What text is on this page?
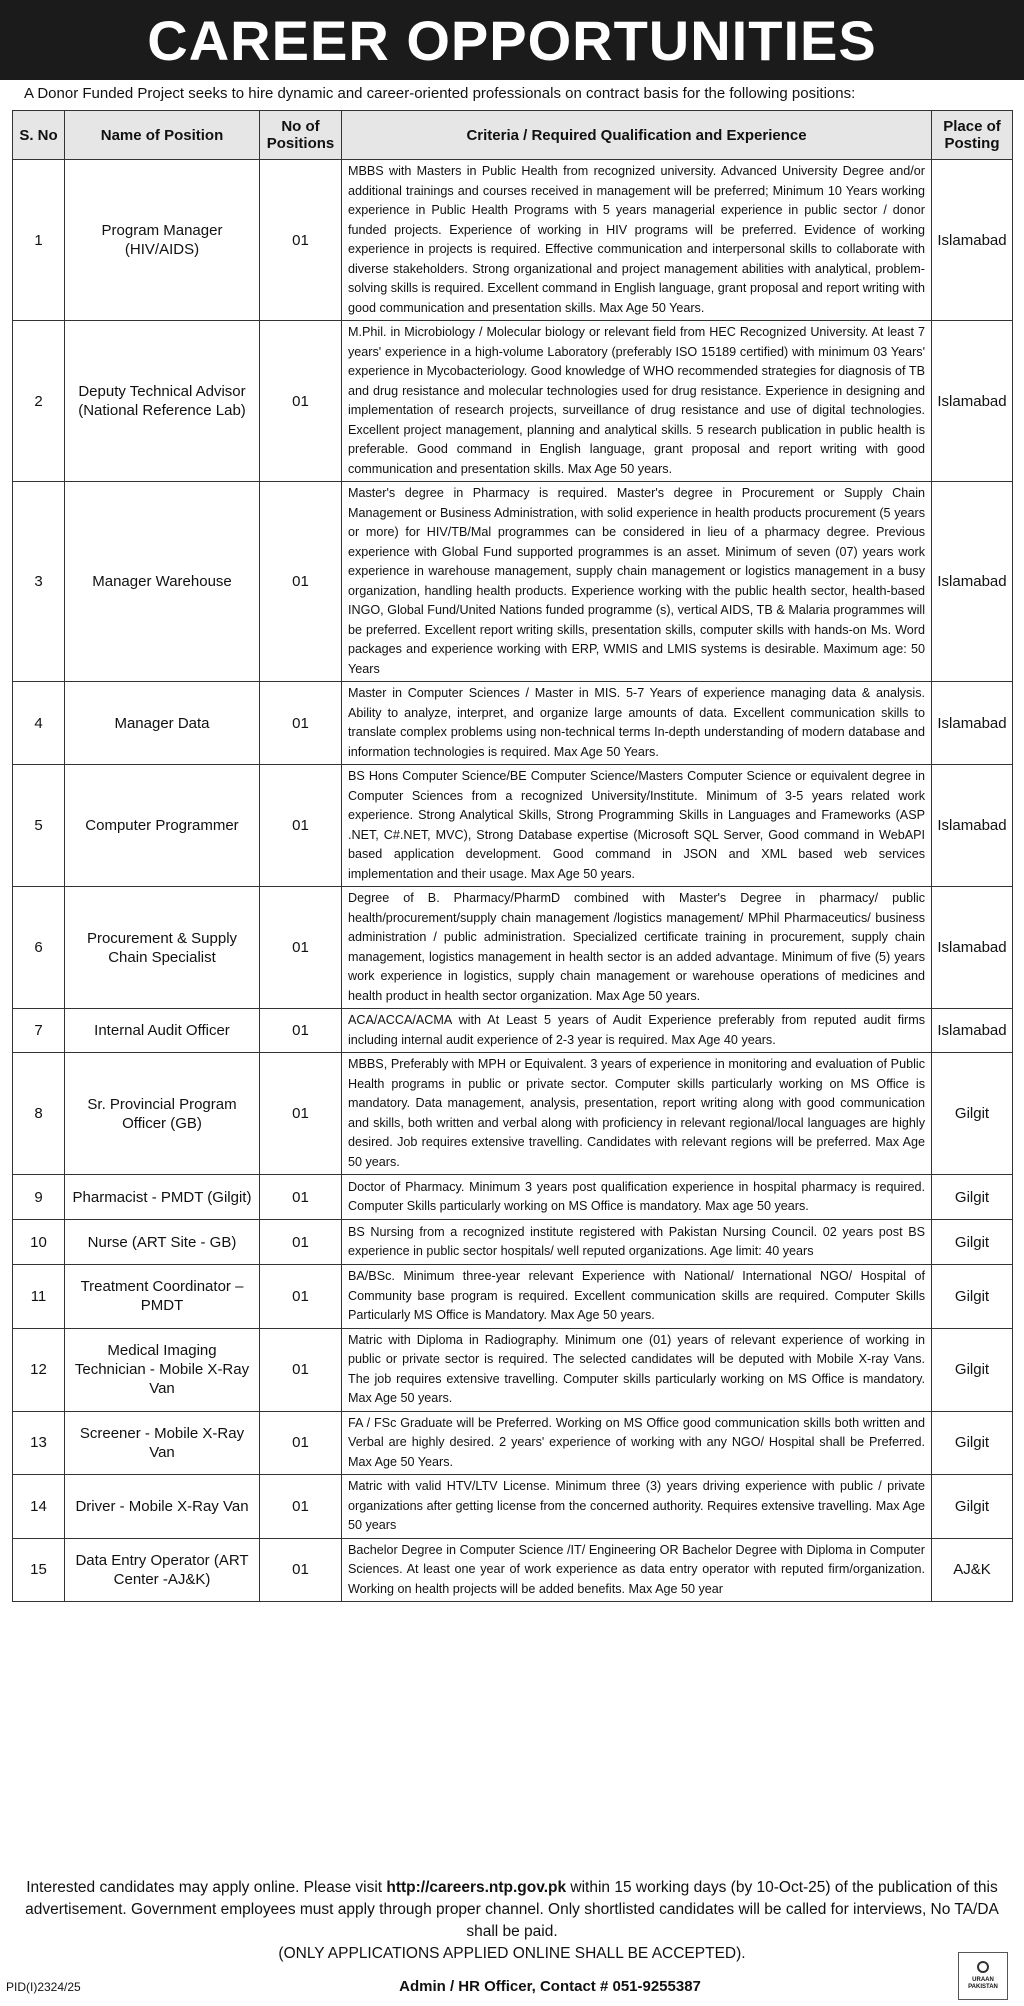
CAREER OPPORTUNITIES
A Donor Funded Project seeks to hire dynamic and career-oriented professionals on contract basis for the following positions:
S. No	Name of Position	No of Positions	Criteria / Required Qualification and Experience	Place of Posting
1	Program Manager (HIV/AIDS)	01	MBBS with Masters in Public Health from recognized university. Advanced University Degree and/or additional trainings and courses received in management will be preferred; Minimum 10 Years working experience in Public Health Programs with 5 years managerial experience in public sector / donor funded projects. Experience of working in HIV programs will be preferred. Evidence of working experience in projects is required. Effective communication and interpersonal skills to collaborate with diverse stakeholders. Strong organizational and project management abilities with analytical, problem-solving skills is required. Excellent command in English language, grant proposal and report writing with good communication and presentation skills. Max Age 50 Years.	Islamabad
2	Deputy Technical Advisor (National Reference Lab)	01	M.Phil. in Microbiology / Molecular biology or relevant field from HEC Recognized University. At least 7 years' experience in a high-volume Laboratory (preferably ISO 15189 certified) with minimum 03 Years' experience in Mycobacteriology. Good knowledge of WHO recommended strategies for diagnosis of TB and drug resistance and molecular technologies used for drug resistance. Experience in designing and implementation of research projects, surveillance of drug resistance and use of digital technologies. Excellent project management, planning and analytical skills. 5 research publication in public health is preferable. Good command in English language, grant proposal and report writing with good communication and presentation skills. Max Age 50 years.	Islamabad
3	Manager Warehouse	01	Master's degree in Pharmacy is required. Master's degree in Procurement or Supply Chain Management or Business Administration, with solid experience in health products procurement (5 years or more) for HIV/TB/Mal programmes can be considered in lieu of a pharmacy degree. Previous experience with Global Fund supported programmes is an asset. Minimum of seven (07) years work experience in warehouse management, supply chain management or logistics management in a busy organization, handling health products. Experience working with the public health sector, health-based INGO, Global Fund/United Nations funded programme (s), vertical AIDS, TB & Malaria programmes will be preferred. Excellent report writing skills, presentation skills, computer skills with hands-on Ms. Word packages and experience working with ERP, WMIS and LMIS systems is desirable. Maximum age: 50 Years	Islamabad
4	Manager Data	01	Master in Computer Sciences / Master in MIS. 5-7 Years of experience managing data & analysis. Ability to analyze, interpret, and organize large amounts of data. Excellent communication skills to translate complex problems using non-technical terms In-depth understanding of modern database and information technologies is required. Max Age 50 Years.	Islamabad
5	Computer Programmer	01	BS Hons Computer Science/BE Computer Science/Masters Computer Science or equivalent degree in Computer Sciences from a recognized University/Institute. Minimum of 3-5 years related work experience. Strong Analytical Skills, Strong Programming Skills in Languages and Frameworks (ASP .NET, C#.NET, MVC), Strong Database expertise (Microsoft SQL Server, Good command in WebAPI based application development. Good command in JSON and XML based web services implementation and their usage. Max Age 50 years.	Islamabad
6	Procurement & Supply Chain Specialist	01	Degree of B. Pharmacy/PharmD combined with Master's Degree in pharmacy/ public health/procurement/supply chain management /logistics management/ MPhil Pharmaceutics/ business administration / public administration. Specialized certificate training in procurement, supply chain management, logistics management in health sector is an added advantage. Minimum of five (5) years work experience in logistics, supply chain management or warehouse operations of medicines and health product in health sector organization. Max Age 50 years.	Islamabad
7	Internal Audit Officer	01	ACA/ACCA/ACMA with At Least 5 years of Audit Experience preferably from reputed audit firms including internal audit experience of 2-3 year is required. Max Age 40 years.	Islamabad
8	Sr. Provincial Program Officer (GB)	01	MBBS, Preferably with MPH or Equivalent. 3 years of experience in monitoring and evaluation of Public Health programs in public or private sector. Computer skills particularly working on MS Office is mandatory. Data management, analysis, presentation, report writing along with good communication and skills, both written and verbal along with proficiency in relevant regional/local languages are highly desired. Job requires extensive travelling. Candidates with relevant regions will be preferred. Max Age 50 years.	Gilgit
9	Pharmacist - PMDT (Gilgit)	01	Doctor of Pharmacy. Minimum 3 years post qualification experience in hospital pharmacy is required. Computer Skills particularly working on MS Office is mandatory. Max age 50 years.	Gilgit
10	Nurse (ART Site - GB)	01	BS Nursing from a recognized institute registered with Pakistan Nursing Council. 02 years post BS experience in public sector hospitals/ well reputed organizations. Age limit: 40 years	Gilgit
11	Treatment Coordinator – PMDT	01	BA/BSc. Minimum three-year relevant Experience with National/ International NGO/ Hospital of Community base program is required. Excellent communication skills are required. Computer Skills Particularly MS Office is Mandatory. Max Age 50 years.	Gilgit
12	Medical Imaging Technician - Mobile X-Ray Van	01	Matric with Diploma in Radiography. Minimum one (01) years of relevant experience of working in public or private sector is required. The selected candidates will be deputed with Mobile X-ray Vans. The job requires extensive travelling. Computer skills particularly working on MS Office is mandatory. Max Age 50 years.	Gilgit
13	Screener - Mobile X-Ray Van	01	FA / FSc Graduate will be Preferred. Working on MS Office good communication skills both written and Verbal are highly desired. 2 years' experience of working with any NGO/ Hospital shall be Preferred. Max Age 50 Years.	Gilgit
14	Driver - Mobile X-Ray Van	01	Matric with valid HTV/LTV License. Minimum three (3) years driving experience with public / private organizations after getting license from the concerned authority. Requires extensive travelling. Max Age 50 years	Gilgit
15	Data Entry Operator (ART Center -AJ&K)	01	Bachelor Degree in Computer Science /IT/ Engineering OR Bachelor Degree with Diploma in Computer Sciences. At least one year of work experience as data entry operator with reputed firm/organization. Working on health projects will be added benefits. Max Age 50 year	AJ&K
Interested candidates may apply online. Please visit http://careers.ntp.gov.pk within 15 working days (by 10-Oct-25) of the publication of this advertisement. Government employees must apply through proper channel. Only shortlisted candidates will be called for interviews, No TA/DA shall be paid.
(ONLY APPLICATIONS APPLIED ONLINE SHALL BE ACCEPTED).
PID(I)2324/25	Admin / HR Officer, Contact # 051-9255387	URAAN PAKISTAN
